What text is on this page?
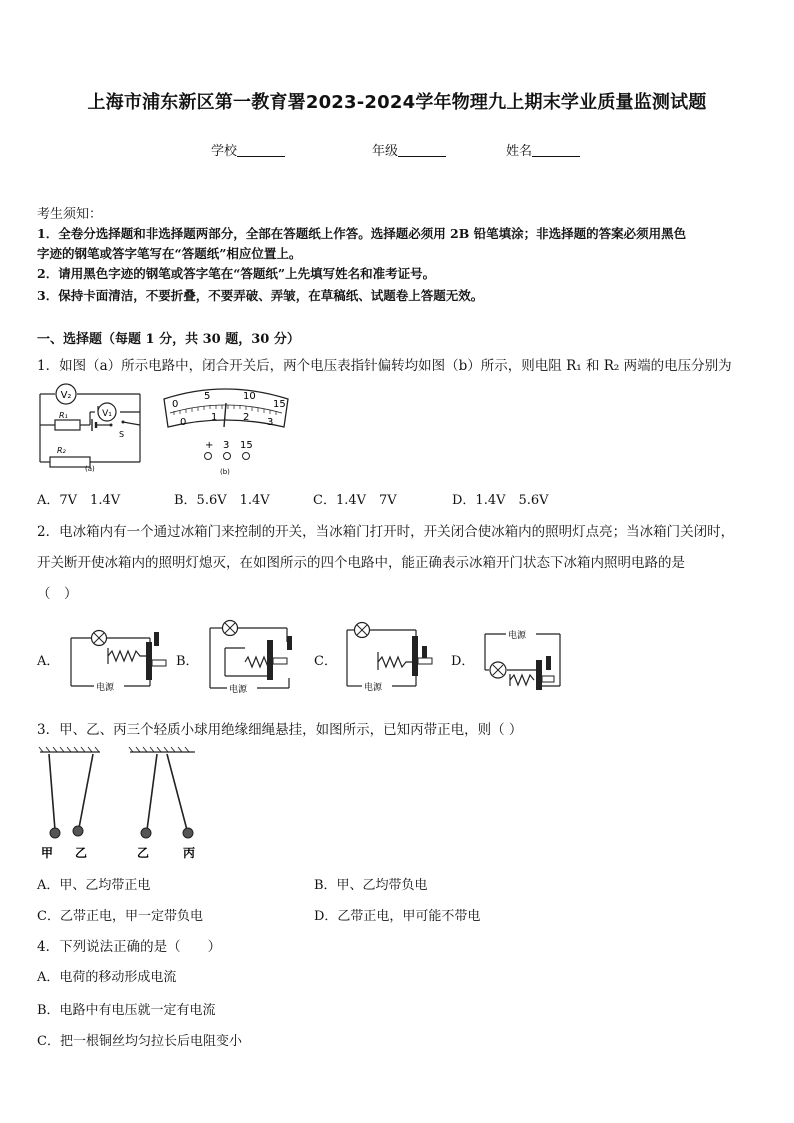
上海市浦东新区第一教育署2023-2024学年物理九上期末学业质量监测试题
学校	年级	姓名
考生须知：
1．全卷分选择题和非选择题两部分，全部在答题纸上作答。选择题必须用 2B 铅笔填涂；非选择题的答案必须用黑色
字迹的钢笔或答字笔写在“答题纸”相应位置上。
2．请用黑色字迹的钢笔或答字笔在“答题纸”上先填写姓名和准考证号。
3．保持卡面清洁，不要折叠，不要弄破、弄皱，在草稿纸、试题卷上答题无效。
一、选择题（每题 1 分，共 30 题，30 分）
1．如图（a）所示电路中，闭合开关后，两个电压表指针偏转均如图（b）所示，则电阻 R₁ 和 R₂ 两端的电压分别为
V₂
V₁
R₁
S
R₂
(a)
0
5	10
15
0 1	2 3
+ 3 15
(b)
A．7V　1.4V	B．5.6V　1.4V	C．1.4V　7V	D．1.4V　5.6V
2．电冰箱内有一个通过冰箱门来控制的开关，当冰箱门打开时，开关闭合使冰箱内的照明灯点亮；当冰箱门关闭时，
开关断开使冰箱内的照明灯熄灭，在如图所示的四个电路中，能正确表示冰箱开门状态下冰箱内照明电路的是
（　）
A．	B．	C．	D．
电源	电源	电源
电源
3．甲、乙、丙三个轻质小球用绝缘细绳悬挂，如图所示，已知丙带正电，则（ ）
甲 乙	乙	丙
A．甲、乙均带正电	B．甲、乙均带负电
C．乙带正电，甲一定带负电	D．乙带正电，甲可能不带电
4．下列说法正确的是（　　）
A．电荷的移动形成电流
B．电路中有电压就一定有电流
C．把一根铜丝均匀拉长后电阻变小
